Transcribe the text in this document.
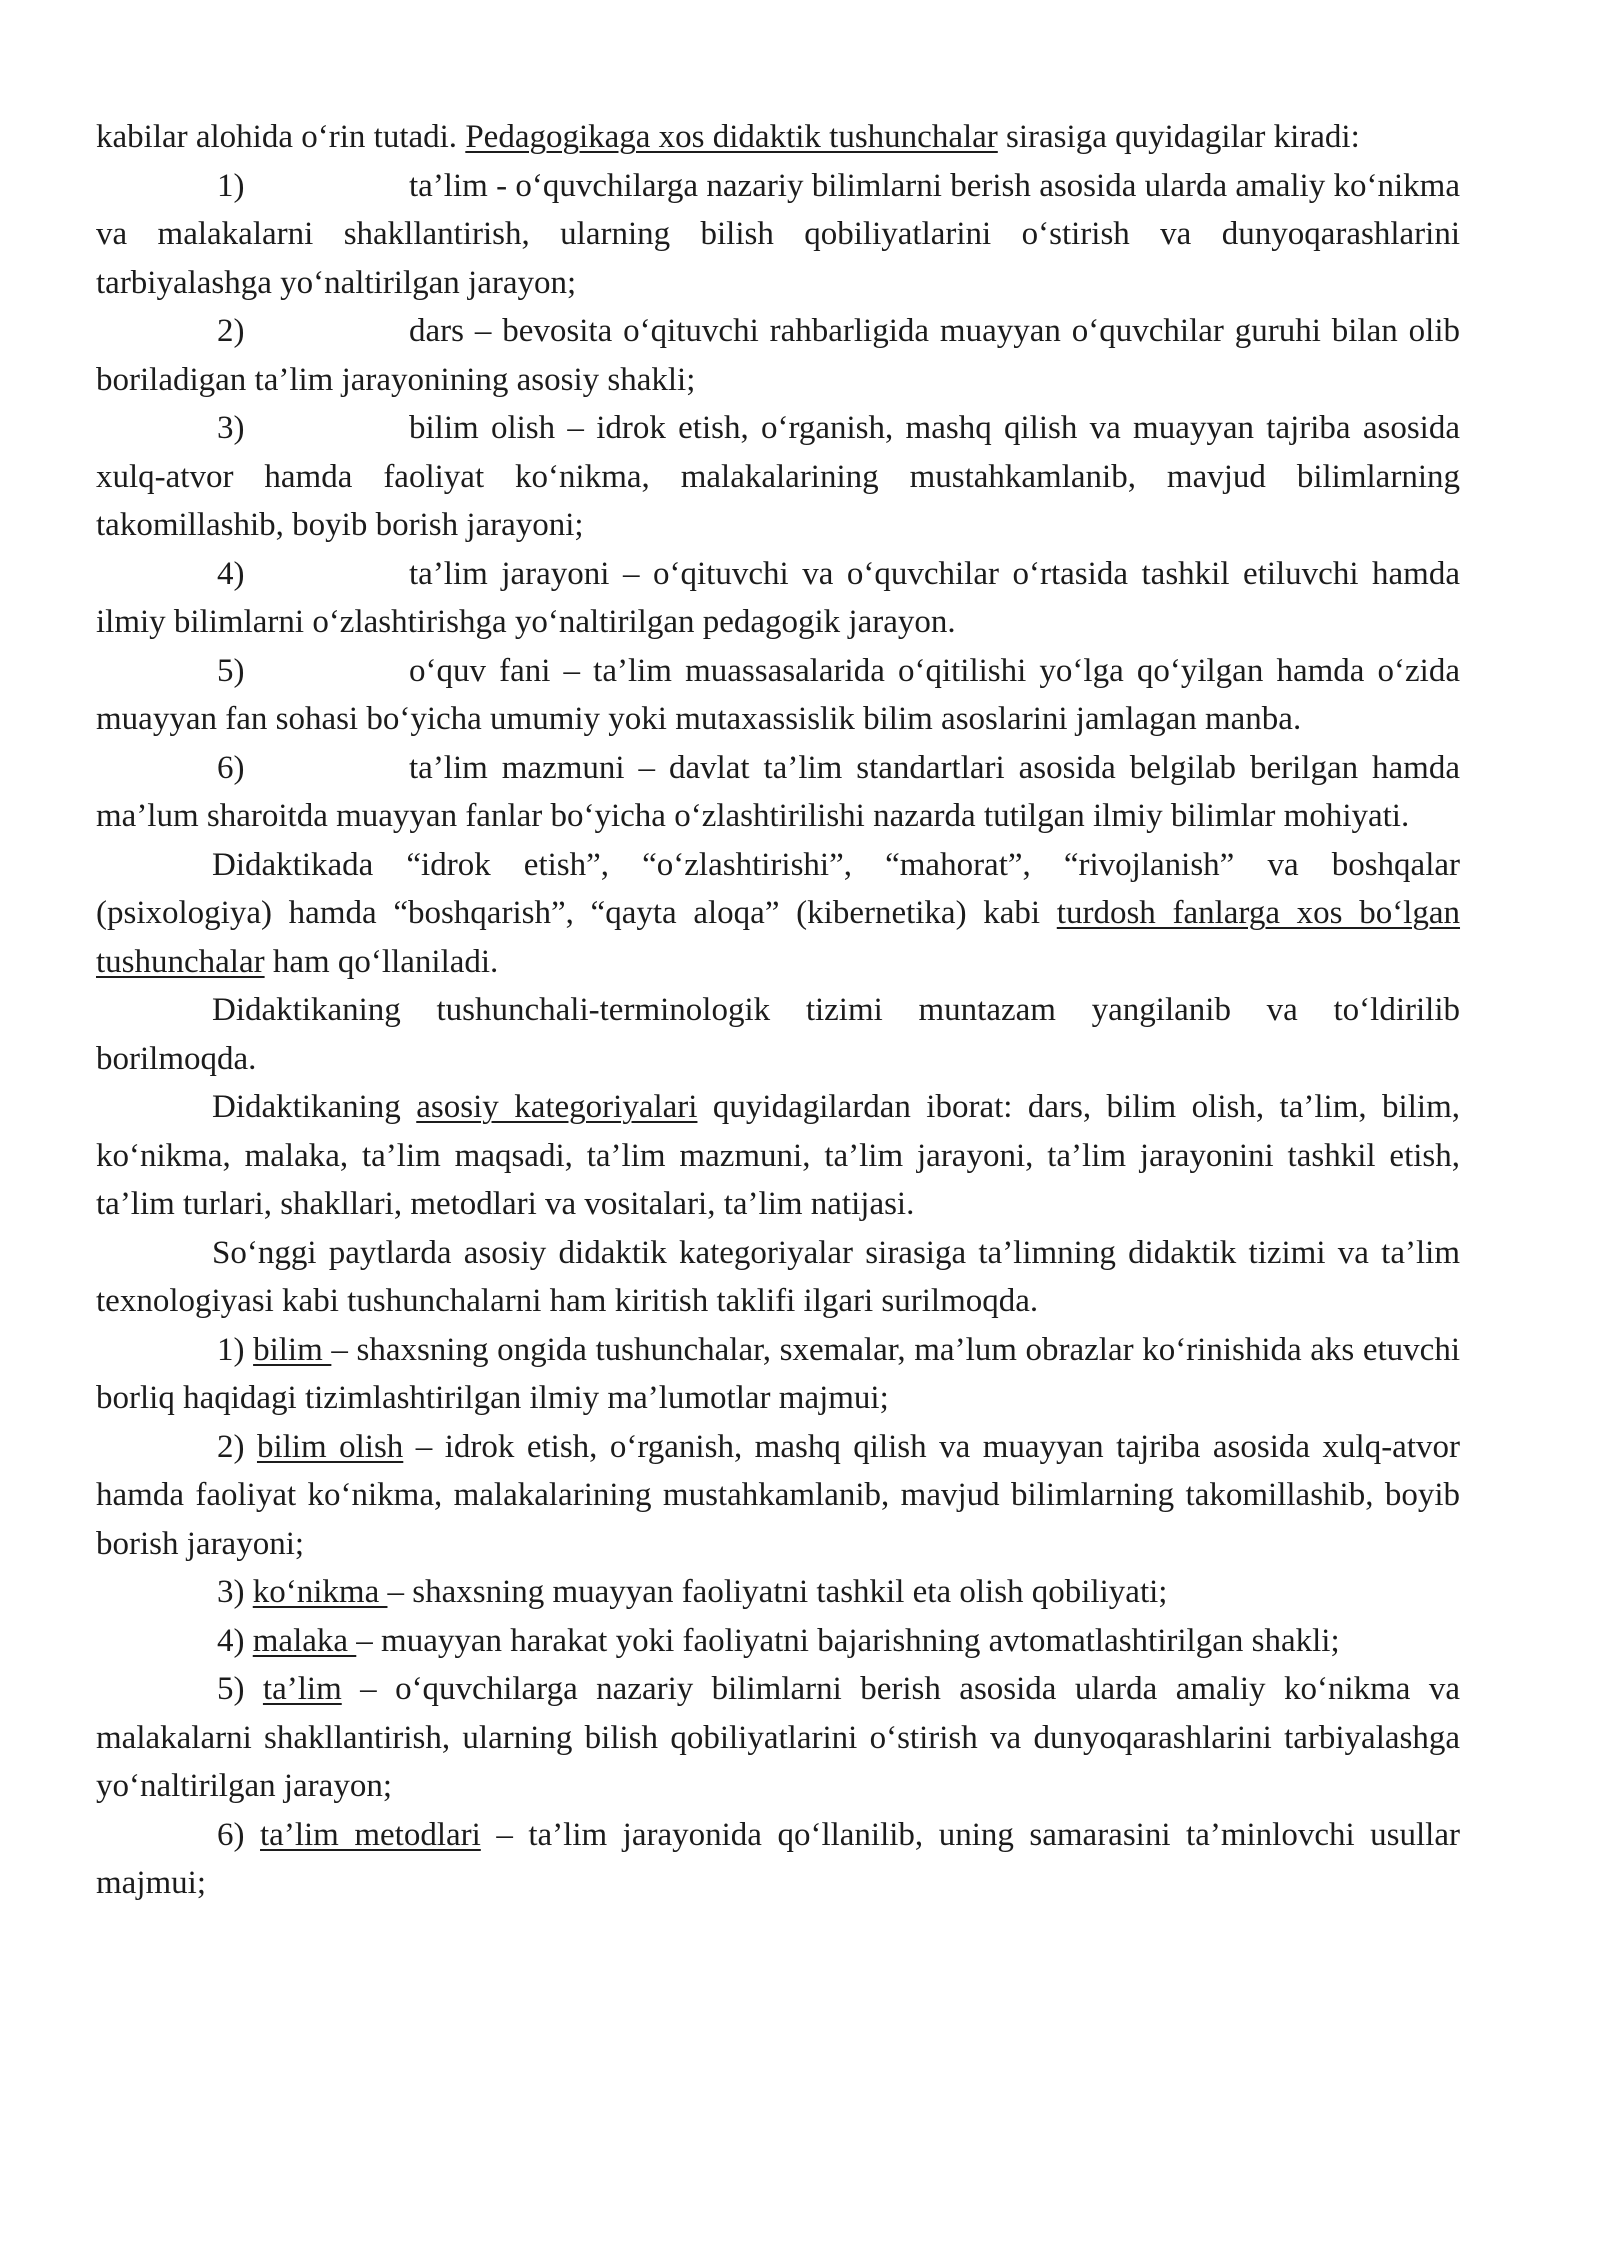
kabilar alohida o‘rin tutadi. Pedagogikaga xos didaktik tushunchalar sirasiga quyidagilar kiradi:

1)	ta’lim - o‘quvchilarga nazariy bilimlarni berish asosida ularda amaliy ko‘nikma va malakalarni shakllantirish, ularning bilish qobiliyatlarini o‘stirish va dunyoqarashlarini tarbiyalashga yo‘naltirilgan jarayon;

2)	dars – bevosita o‘qituvchi rahbarligida muayyan o‘quvchilar guruhi bilan olib boriladigan ta’lim jarayonining asosiy shakli;

3)	bilim olish – idrok etish, o‘rganish, mashq qilish va muayyan tajriba asosida xulq-atvor hamda faoliyat ko‘nikma, malakalarining mustahkamlanib, mavjud bilimlarning takomillashib, boyib borish jarayoni;

4)	ta’lim jarayoni – o‘qituvchi va o‘quvchilar o‘rtasida tashkil etiluvchi hamda ilmiy bilimlarni o‘zlashtirishga yo‘naltirilgan pedagogik jarayon.

5)	o‘quv fani – ta’lim muassasalarida o‘qitilishi yo‘lga qo‘yilgan hamda o‘zida muayyan fan sohasi bo‘yicha umumiy yoki mutaxassislik bilim asoslarini jamlagan manba.

6)	ta’lim mazmuni – davlat ta’lim standartlari asosida belgilab berilgan hamda ma’lum sharoitda muayyan fanlar bo‘yicha o‘zlashtirilishi nazarda tutilgan ilmiy bilimlar mohiyati.

Didaktikada “idrok etish”, “o‘zlashtirishi”, “mahorat”, “rivojlanish” va boshqalar (psixologiya) hamda “boshqarish”, “qayta aloqa” (kibernetika) kabi turdosh fanlarga xos bo‘lgan tushunchalar ham qo‘llaniladi.

Didaktikaning tushunchali-terminologik tizimi muntazam yangilanib va to‘ldirilib borilmoqda.

Didaktikaning asosiy kategoriyalari quyidagilardan iborat: dars, bilim olish, ta’lim, bilim, ko‘nikma, malaka, ta’lim maqsadi, ta’lim mazmuni, ta’lim jarayoni, ta’lim jarayonini tashkil etish, ta’lim turlari, shakllari, metodlari va vositalari, ta’lim natijasi.

So‘nggi paytlarda asosiy didaktik kategoriyalar sirasiga ta’limning didaktik tizimi va ta’lim texnologiyasi kabi tushunchalarni ham kiritish taklifi ilgari surilmoqda.

1) bilim – shaxsning ongida tushunchalar, sxemalar, ma’lum obrazlar ko‘rinishida aks etuvchi borliq haqidagi tizimlashtirilgan ilmiy ma’lumotlar majmui;

2) bilim olish – idrok etish, o‘rganish, mashq qilish va muayyan tajriba asosida xulq-atvor hamda faoliyat ko‘nikma, malakalarining mustahkamlanib, mavjud bilimlarning takomillashib, boyib borish jarayoni;

3) ko‘nikma – shaxsning muayyan faoliyatni tashkil eta olish qobiliyati;

4) malaka – muayyan harakat yoki faoliyatni bajarishning avtomatlashtirilgan shakli;

5) ta’lim – o‘quvchilarga nazariy bilimlarni berish asosida ularda amaliy ko‘nikma va malakalarni shakllantirish, ularning bilish qobiliyatlarini o‘stirish va dunyoqarashlarini tarbiyalashga yo‘naltirilgan jarayon;

6) ta’lim metodlari – ta’lim jarayonida qo‘llanilib, uning samarasini ta’minlovchi usullar majmui;
